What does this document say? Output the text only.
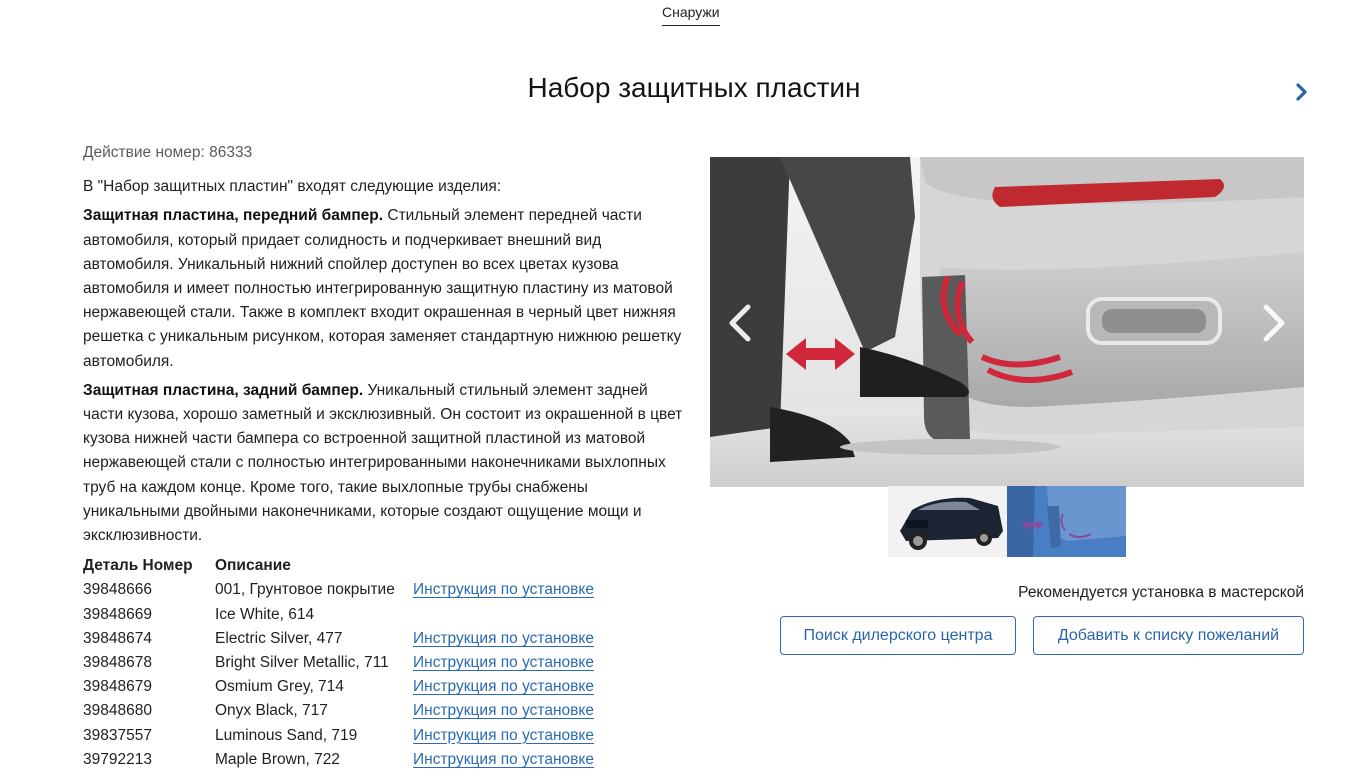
Снаружи
Набор защитных пластин

Действие номер: 86333

В "Набор защитных пластин" входят следующие изделия:

Защитная пластина, передний бампер. Стильный элемент передней части автомобиля, который придает солидность и подчеркивает внешний вид автомобиля. Уникальный нижний спойлер доступен во всех цветах кузова автомобиля и имеет полностью интегрированную защитную пластину из матовой нержавеющей стали. Также в комплект входит окрашенная в черный цвет нижняя решетка с уникальным рисунком, которая заменяет стандартную нижнюю решетку автомобиля.

Защитная пластина, задний бампер. Уникальный стильный элемент задней части кузова, хорошо заметный и эксклюзивный. Он состоит из окрашенной в цвет кузова нижней части бампера со встроенной защитной пластиной из матовой нержавеющей стали с полностью интегрированными наконечниками выхлопных труб на каждом конце. Кроме того, такие выхлопные трубы снабжены уникальными двойными наконечниками, которые создают ощущение мощи и эксклюзивности.

Деталь Номер	Описание
39848666	001, Грунтовое покрытие	Инструкция по установке
39848669	Ice White, 614
39848674	Electric Silver, 477	Инструкция по установке
39848678	Bright Silver Metallic, 711	Инструкция по установке
39848679	Osmium Grey, 714	Инструкция по установке
39848680	Onyx Black, 717	Инструкция по установке
39837557	Luminous Sand, 719	Инструкция по установке
39792213	Maple Brown, 722	Инструкция по установке
Рекомендуется установка в мастерской
Поиск дилерского центра	Добавить к списку пожеланий
